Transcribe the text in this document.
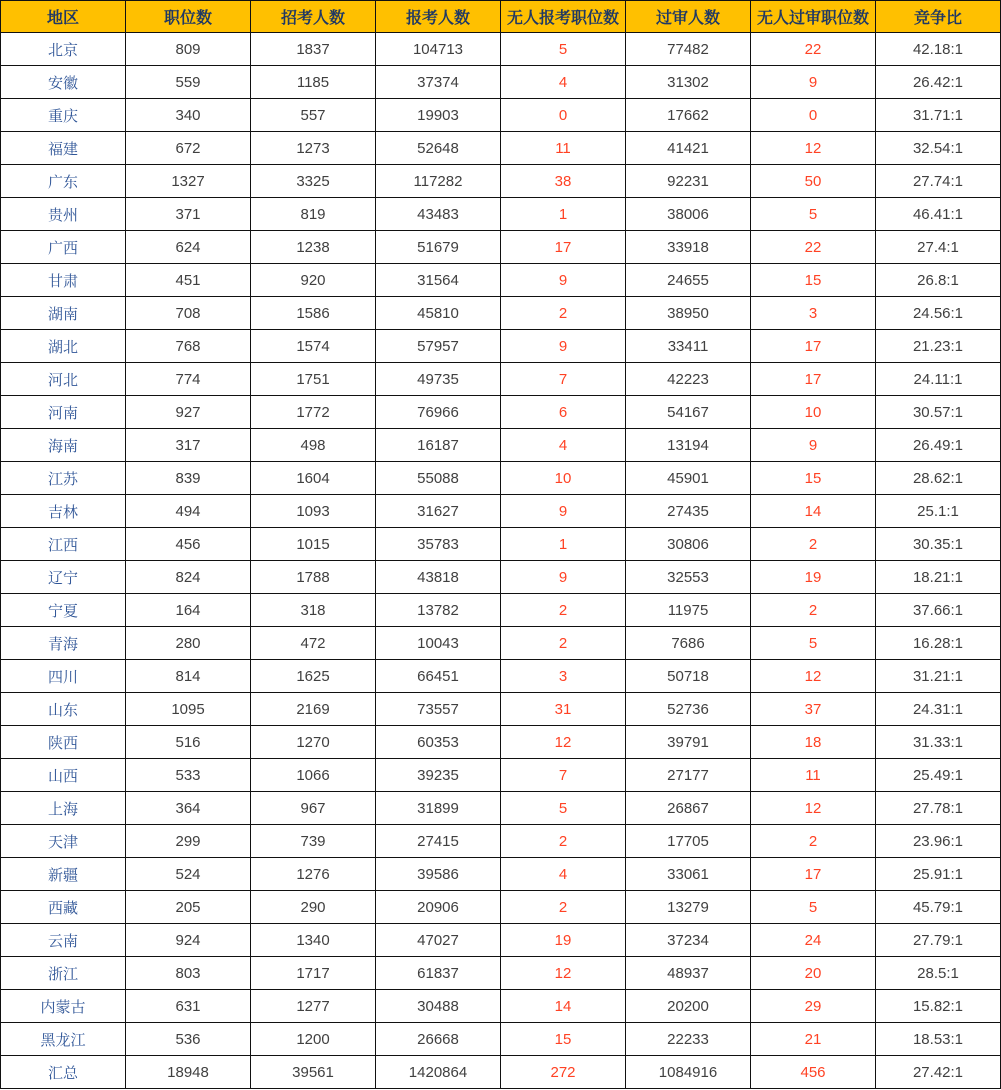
地区	职位数	招考人数	报考人数	无人报考职位数	过审人数	无人过审职位数	竞争比
北京	809	1837	104713	5	77482	22	42.18:1
安徽	559	1185	37374	4	31302	9	26.42:1
重庆	340	557	19903	0	17662	0	31.71:1
福建	672	1273	52648	11	41421	12	32.54:1
广东	1327	3325	117282	38	92231	50	27.74:1
贵州	371	819	43483	1	38006	5	46.41:1
广西	624	1238	51679	17	33918	22	27.4:1
甘肃	451	920	31564	9	24655	15	26.8:1
湖南	708	1586	45810	2	38950	3	24.56:1
湖北	768	1574	57957	9	33411	17	21.23:1
河北	774	1751	49735	7	42223	17	24.11:1
河南	927	1772	76966	6	54167	10	30.57:1
海南	317	498	16187	4	13194	9	26.49:1
江苏	839	1604	55088	10	45901	15	28.62:1
吉林	494	1093	31627	9	27435	14	25.1:1
江西	456	1015	35783	1	30806	2	30.35:1
辽宁	824	1788	43818	9	32553	19	18.21:1
宁夏	164	318	13782	2	11975	2	37.66:1
青海	280	472	10043	2	7686	5	16.28:1
四川	814	1625	66451	3	50718	12	31.21:1
山东	1095	2169	73557	31	52736	37	24.31:1
陕西	516	1270	60353	12	39791	18	31.33:1
山西	533	1066	39235	7	27177	11	25.49:1
上海	364	967	31899	5	26867	12	27.78:1
天津	299	739	27415	2	17705	2	23.96:1
新疆	524	1276	39586	4	33061	17	25.91:1
西藏	205	290	20906	2	13279	5	45.79:1
云南	924	1340	47027	19	37234	24	27.79:1
浙江	803	1717	61837	12	48937	20	28.5:1
内蒙古	631	1277	30488	14	20200	29	15.82:1
黑龙江	536	1200	26668	15	22233	21	18.53:1
汇总	18948	39561	1420864	272	1084916	456	27.42:1
